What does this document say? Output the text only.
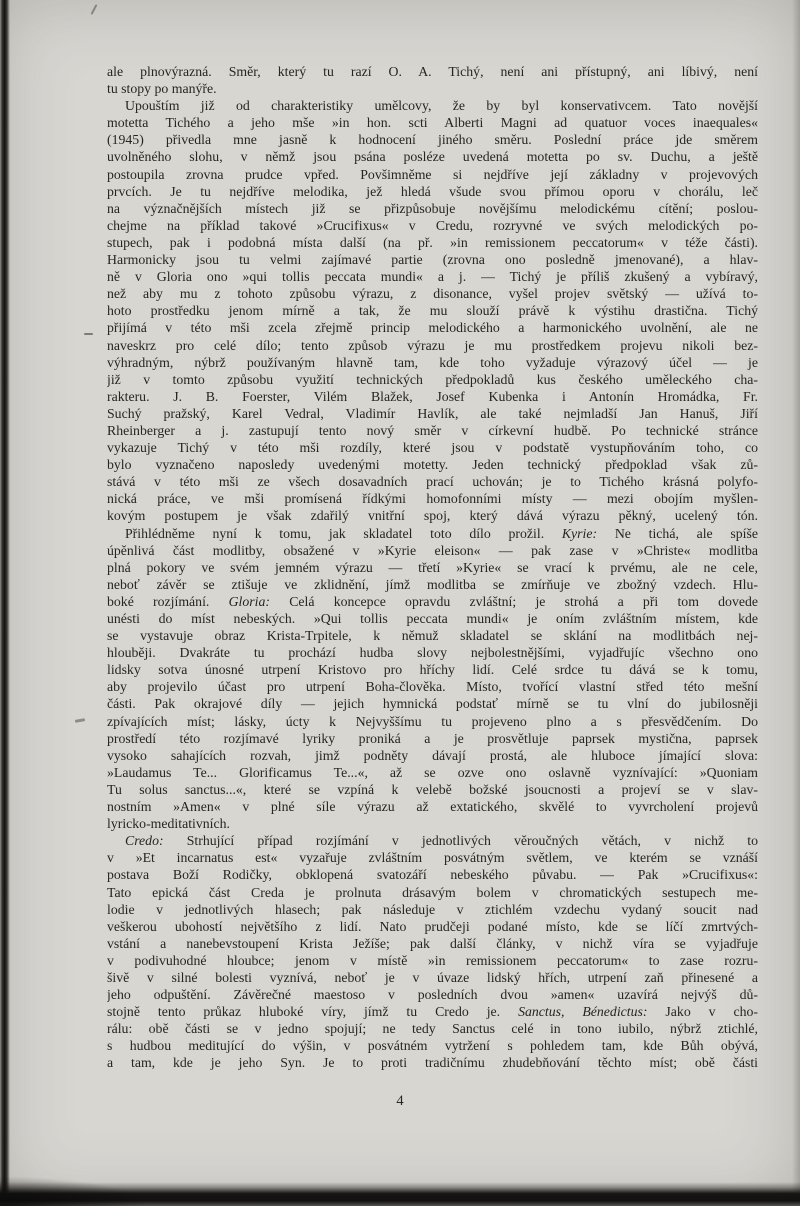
ale plnovýrazná. Směr, který tu razí O. A. Tichý, není ani přístupný, ani líbivý, není
tu stopy po manýře.
Upouštím již od charakteristiky umělcovy, že by byl konservativcem. Tato novější
motetta Tichého a jeho mše »in hon. scti Alberti Magni ad quatuor voces inaequales«
(1945) přivedla mne jasně k hodnocení jiného směru. Poslední práce jde směrem
uvolněného slohu, v němž jsou psána posléze uvedená motetta po sv. Duchu, a ještě
postoupila zrovna prudce vpřed. Povšimněme si nejdříve její základny v projevových
prvcích. Je tu nejdříve melodika, jež hledá všude svou přímou oporu v chorálu, leč
na význačnějších místech již se přizpůsobuje novějšímu melodickému cítění; poslou-
chejme na příklad takové »Crucifixus« v Credu, rozryvné ve svých melodických po-
stupech, pak i podobná místa další (na př. »in remissionem peccatorum« v téže části).
Harmonicky jsou tu velmi zajímavé partie (zrovna ono posledně jmenované), a hlav-
ně v Gloria ono »qui tollis peccata mundi« a j. — Tichý je příliš zkušený a vybíravý,
než aby mu z tohoto způsobu výrazu, z disonance, vyšel projev světský — užívá to-
hoto prostředku jenom mírně a tak, že mu slouží právě k výstihu drastična. Tichý
přijímá v této mši zcela zřejmě princip melodického a harmonického uvolnění, ale ne
naveskrz pro celé dílo; tento způsob výrazu je mu prostředkem projevu nikoli bez-
výhradným, nýbrž používaným hlavně tam, kde toho vyžaduje výrazový účel — je
již v tomto způsobu využití technických předpokladů kus českého uměleckého cha-
rakteru. J. B. Foerster, Vilém Blažek, Josef Kubenka i Antonín Hromádka, Fr.
Suchý pražský, Karel Vedral, Vladimír Havlík, ale také nejmladší Jan Hanuš, Jiří
Rheinberger a j. zastupují tento nový směr v církevní hudbě. Po technické stránce
vykazuje Tichý v této mši rozdíly, které jsou v podstatě vystupňováním toho, co
bylo vyznačeno naposledy uvedenými motetty. Jeden technický předpoklad však zů-
stává v této mši ze všech dosavadních prací uchován; je to Tichého krásná polyfo-
nická práce, ve mši promísená řídkými homofonními místy — mezi obojím myšlen-
kovým postupem je však zdařilý vnitřní spoj, který dává výrazu pěkný, ucelený tón.
Přihlédněme nyní k tomu, jak skladatel toto dílo prožil. Kyrie: Ne tichá, ale spíše
úpěnlivá část modlitby, obsažené v »Kyrie eleison« — pak zase v »Christe« modlitba
plná pokory ve svém jemném výrazu — třetí »Kyrie« se vrací k prvému, ale ne cele,
neboť závěr se ztišuje ve zklidnění, jímž modlitba se zmírňuje ve zbožný vzdech. Hlu-
boké rozjímání. Gloria: Celá koncepce opravdu zvláštní; je strohá a při tom dovede
unésti do míst nebeských. »Qui tollis peccata mundi« je oním zvláštním místem, kde
se vystavuje obraz Krista-Trpitele, k němuž skladatel se sklání na modlitbách nej-
hlouběji. Dvakráte tu prochází hudba slovy nejbolestnějšími, vyjadřujíc všechno ono
lidsky sotva únosné utrpení Kristovo pro hříchy lidí. Celé srdce tu dává se k tomu,
aby projevilo účast pro utrpení Boha-člověka. Místo, tvořící vlastní střed této mešní
části. Pak okrajové díly — jejich hymnická podstať mírně se tu vlní do jubilosněji
zpívajících míst; lásky, úcty k Nejvyššímu tu projeveno plno a s přesvědčením. Do
prostředí této rozjímavé lyriky proniká a je prosvětluje paprsek mystična, paprsek
vysoko sahajících rozvah, jimž podněty dávají prostá, ale hluboce jímající slova:
»Laudamus Te... Glorificamus Te...«, až se ozve ono oslavně vyznívající: »Quoniam
Tu solus sanctus...«, které se vzpíná k velebě božské jsoucnosti a projeví se v slav-
nostním »Amen« v plné síle výrazu až extatického, skvělé to vyvrcholení projevů
lyricko-meditativních.
Credo: Strhující případ rozjímání v jednotlivých věroučných větách, v nichž to
v »Et incarnatus est« vyzařuje zvláštním posvátným světlem, ve kterém se vznáší
postava Boží Rodičky, obklopená svatozáří nebeského půvabu. — Pak »Crucifixus«:
Tato epická část Creda je prolnuta drásavým bolem v chromatických sestupech me-
lodie v jednotlivých hlasech; pak následuje v ztichlém vzdechu vydaný soucit nad
veškerou ubohostí největšího z lidí. Nato prudčeji podané místo, kde se líčí zmrtvých-
vstání a nanebevstoupení Krista Ježíše; pak další články, v nichž víra se vyjadřuje
v podivuhodné hloubce; jenom v místě »in remissionem peccatorum« to zase rozru-
šivě v silné bolesti vyznívá, neboť je v úvaze lidský hřích, utrpení zaň přinesené a
jeho odpuštění. Závěrečné maestoso v posledních dvou »amen« uzavírá nejvýš dů-
stojně tento průkaz hluboké víry, jímž tu Credo je. Sanctus, Bénedictus: Jako v cho-
rálu: obě části se v jedno spojují; ne tedy Sanctus celé in tono iubilo, nýbrž ztichlé,
s hudbou meditující do výšin, v posvátném vytržení s pohledem tam, kde Bůh obývá,
a tam, kde je jeho Syn. Je to proti tradičnímu zhudebňování těchto míst; obě části
4
